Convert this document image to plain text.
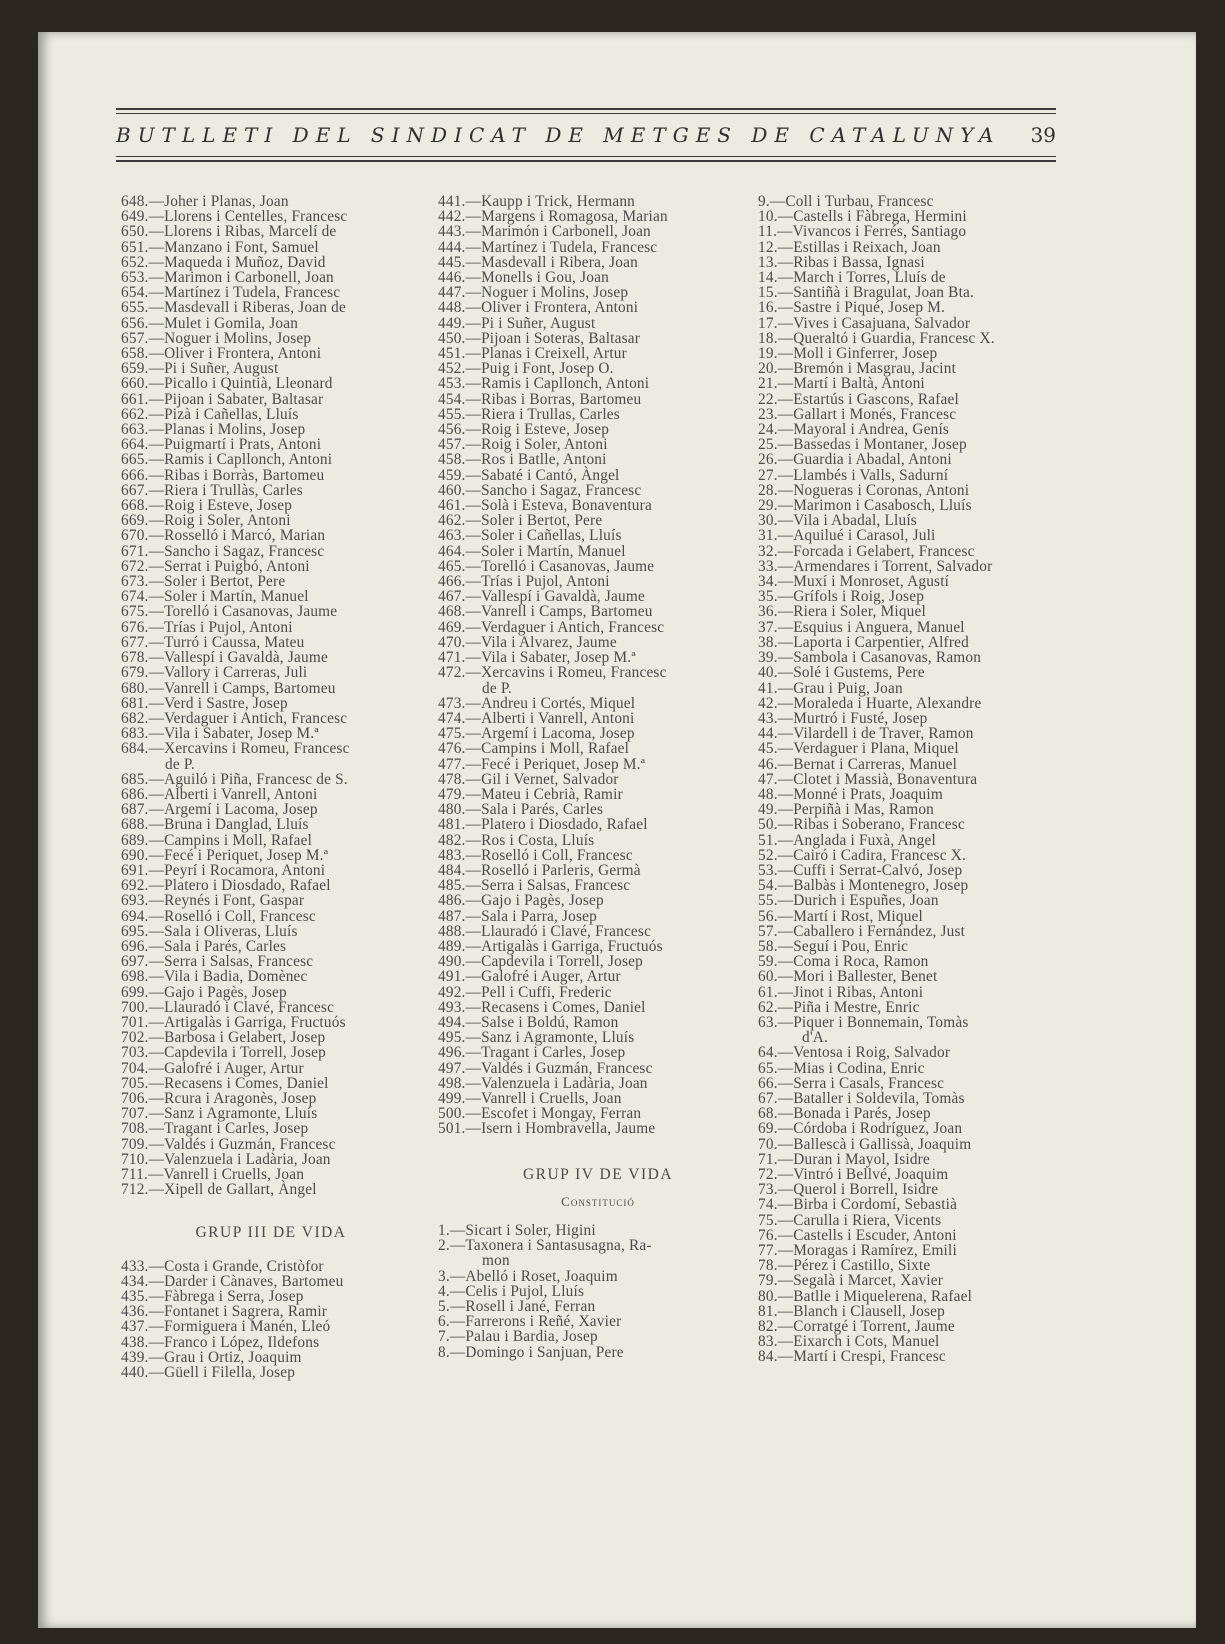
BUTLLETI DEL SINDICAT DE METGES DE CATALUNYA	39
648.—Joher i Planas, Joan
649.—Llorens i Centelles, Francesc
650.—Llorens i Ribas, Marcelí de
651.—Manzano i Font, Samuel
652.—Maqueda i Muñoz, David
653.—Marimon i Carbonell, Joan
654.—Martínez i Tudela, Francesc
655.—Masdevall i Riberas, Joan de
656.—Mulet i Gomila, Joan
657.—Noguer i Molins, Josep
658.—Oliver i Frontera, Antoni
659.—Pi i Suñer, August
660.—Picallo i Quintià, Lleonard
661.—Pijoan i Sabater, Baltasar
662.—Pizà i Cañellas, Lluís
663.—Planas i Molins, Josep
664.—Puigmartí i Prats, Antoni
665.—Ramis i Capllonch, Antoni
666.—Ribas i Borràs, Bartomeu
667.—Riera i Trullàs, Carles
668.—Roig i Esteve, Josep
669.—Roig i Soler, Antoni
670.—Rosselló i Marcó, Marian
671.—Sancho i Sagaz, Francesc
672.—Serrat i Puigbó, Antoni
673.—Soler i Bertot, Pere
674.—Soler i Martín, Manuel
675.—Torelló i Casanovas, Jaume
676.—Trías i Pujol, Antoni
677.—Turró i Caussa, Mateu
678.—Vallespí i Gavaldà, Jaume
679.—Vallory i Carreras, Juli
680.—Vanrell i Camps, Bartomeu
681.—Verd i Sastre, Josep
682.—Verdaguer i Antich, Francesc
683.—Vila i Sabater, Josep M.ª
684.—Xercavins i Romeu, Francesc
de P.
685.—Aguiló i Piña, Francesc de S.
686.—Alberti i Vanrell, Antoni
687.—Argemí i Lacoma, Josep
688.—Bruna i Danglad, Lluís
689.—Campins i Moll, Rafael
690.—Fecé i Periquet, Josep M.ª
691.—Peyrí i Rocamora, Antoni
692.—Platero i Diosdado, Rafael
693.—Reynés i Font, Gaspar
694.—Roselló i Coll, Francesc
695.—Sala i Oliveras, Lluís
696.—Sala i Parés, Carles
697.—Serra i Salsas, Francesc
698.—Vila i Badia, Domènec
699.—Gajo i Pagès, Josep
700.—Llauradó i Clavé, Francesc
701.—Artigalàs i Garriga, Fructuós
702.—Barbosa i Gelabert, Josep
703.—Capdevila i Torrell, Josep
704.—Galofré i Auger, Artur
705.—Recasens i Comes, Daniel
706.—Rcura i Aragonès, Josep
707.—Sanz i Agramonte, Lluís
708.—Tragant i Carles, Josep
709.—Valdés i Guzmán, Francesc
710.—Valenzuela i Ladària, Joan
711.—Vanrell i Cruells, Joan
712.—Xipell de Gallart, Àngel
GRUP III DE VIDA
433.—Costa i Grande, Cristòfor
434.—Darder i Cànaves, Bartomeu
435.—Fàbrega i Serra, Josep
436.—Fontanet i Sagrera, Ramir
437.—Formiguera i Manén, Lleó
438.—Franco i López, Ildefons
439.—Grau i Ortiz, Joaquim
440.—Güell i Filella, Josep
441.—Kaupp i Trick, Hermann
442.—Margens i Romagosa, Marian
443.—Marimón i Carbonell, Joan
444.—Martínez i Tudela, Francesc
445.—Masdevall i Ribera, Joan
446.—Monells i Gou, Joan
447.—Noguer i Molins, Josep
448.—Oliver i Frontera, Antoni
449.—Pi i Suñer, August
450.—Pijoan i Soteras, Baltasar
451.—Planas i Creixell, Artur
452.—Puig i Font, Josep O.
453.—Ramis i Capllonch, Antoni
454.—Ribas i Borras, Bartomeu
455.—Riera i Trullas, Carles
456.—Roig i Esteve, Josep
457.—Roig i Soler, Antoni
458.—Ros i Batlle, Antoni
459.—Sabaté i Cantó, Àngel
460.—Sancho i Sagaz, Francesc
461.—Solà i Esteva, Bonaventura
462.—Soler i Bertot, Pere
463.—Soler i Cañellas, Lluís
464.—Soler i Martín, Manuel
465.—Torelló i Casanovas, Jaume
466.—Trías i Pujol, Antoni
467.—Vallespí i Gavaldà, Jaume
468.—Vanrell i Camps, Bartomeu
469.—Verdaguer i Antich, Francesc
470.—Vila i Alvarez, Jaume
471.—Vila i Sabater, Josep M.ª
472.—Xercavins i Romeu, Francesc
de P.
473.—Andreu i Cortés, Miquel
474.—Alberti i Vanrell, Antoni
475.—Argemí i Lacoma, Josep
476.—Campins i Moll, Rafael
477.—Fecé i Periquet, Josep M.ª
478.—Gil i Vernet, Salvador
479.—Mateu i Cebrià, Ramir
480.—Sala i Parés, Carles
481.—Platero i Diosdado, Rafael
482.—Ros i Costa, Lluís
483.—Roselló i Coll, Francesc
484.—Roselló i Parleris, Germà
485.—Serra i Salsas, Francesc
486.—Gajo i Pagès, Josep
487.—Sala i Parra, Josep
488.—Llauradó i Clavé, Francesc
489.—Artigalàs i Garriga, Fructuós
490.—Capdevila i Torrell, Josep
491.—Galofré i Auger, Artur
492.—Pell i Cuffi, Frederic
493.—Recasens i Comes, Daniel
494.—Salse i Boldú, Ramon
495.—Sanz i Agramonte, Lluís
496.—Tragant i Carles, Josep
497.—Valdés i Guzmán, Francesc
498.—Valenzuela i Ladària, Joan
499.—Vanrell i Cruells, Joan
500.—Escofet i Mongay, Ferran
501.—Isern i Hombravella, Jaume
GRUP IV DE VIDA
Constitució
1.—Sicart i Soler, Higini
2.—Taxonera i Santasusagna, Ra-
mon
3.—Abelló i Roset, Joaquim
4.—Celis i Pujol, Lluís
5.—Rosell i Jané, Ferran
6.—Farrerons i Reñé, Xavier
7.—Palau i Bardia, Josep
8.—Domingo i Sanjuan, Pere
9.—Coll i Turbau, Francesc
10.—Castells i Fàbrega, Hermini
11.—Vivancos i Ferrés, Santiago
12.—Estillas i Reixach, Joan
13.—Ribas i Bassa, Ignasi
14.—March i Torres, Lluís de
15.—Santiñà i Bragulat, Joan Bta.
16.—Sastre i Piqué, Josep M.
17.—Vives i Casajuana, Salvador
18.—Queraltó i Guardia, Francesc X.
19.—Moll i Ginferrer, Josep
20.—Bremón i Masgrau, Jacint
21.—Martí i Baltà, Antoni
22.—Estartús i Gascons, Rafael
23.—Gallart i Monés, Francesc
24.—Mayoral i Andrea, Genís
25.—Bassedas i Montaner, Josep
26.—Guardia i Abadal, Antoni
27.—Llambés i Valls, Sadurní
28.—Nogueras i Coronas, Antoni
29.—Marimon i Casabosch, Lluís
30.—Vila i Abadal, Lluís
31.—Aquilué i Carasol, Juli
32.—Forcada i Gelabert, Francesc
33.—Armendares i Torrent, Salvador
34.—Muxí i Monroset, Agustí
35.—Grífols i Roig, Josep
36.—Riera i Soler, Miquel
37.—Esquius i Anguera, Manuel
38.—Laporta i Carpentier, Alfred
39.—Sambola i Casanovas, Ramon
40.—Solé i Gustems, Pere
41.—Grau i Puig, Joan
42.—Moraleda i Huarte, Alexandre
43.—Murtró i Fusté, Josep
44.—Vilardell i de Traver, Ramon
45.—Verdaguer i Plana, Miquel
46.—Bernat i Carreras, Manuel
47.—Clotet i Massià, Bonaventura
48.—Monné i Prats, Joaquim
49.—Perpiñà i Mas, Ramon
50.—Ribas i Soberano, Francesc
51.—Anglada i Fuxà, Angel
52.—Cairó i Cadira, Francesc X.
53.—Cuffi i Serrat-Calvó, Josep
54.—Balbàs i Montenegro, Josep
55.—Durich i Espuñes, Joan
56.—Martí i Rost, Miquel
57.—Caballero i Fernández, Just
58.—Seguí i Pou, Enric
59.—Coma i Roca, Ramon
60.—Mori i Ballester, Benet
61.—Jinot i Ribas, Antoni
62.—Piña i Mestre, Enric
63.—Piquer i Bonnemain, Tomàs
d'A.
64.—Ventosa i Roig, Salvador
65.—Mias i Codina, Enric
66.—Serra i Casals, Francesc
67.—Bataller i Soldevila, Tomàs
68.—Bonada i Parés, Josep
69.—Córdoba i Rodríguez, Joan
70.—Ballescà i Gallissà, Joaquim
71.—Duran i Mayol, Isidre
72.—Vintró i Bellvé, Joaquim
73.—Querol i Borrell, Isidre
74.—Birba i Cordomí, Sebastià
75.—Carulla i Riera, Vicents
76.—Castells i Escuder, Antoni
77.—Moragas i Ramírez, Emili
78.—Pérez i Castillo, Sixte
79.—Segalà i Marcet, Xavier
80.—Batlle i Miquelerena, Rafael
81.—Blanch i Clausell, Josep
82.—Corratgé i Torrent, Jaume
83.—Eixarch i Cots, Manuel
84.—Martí i Crespi, Francesc
